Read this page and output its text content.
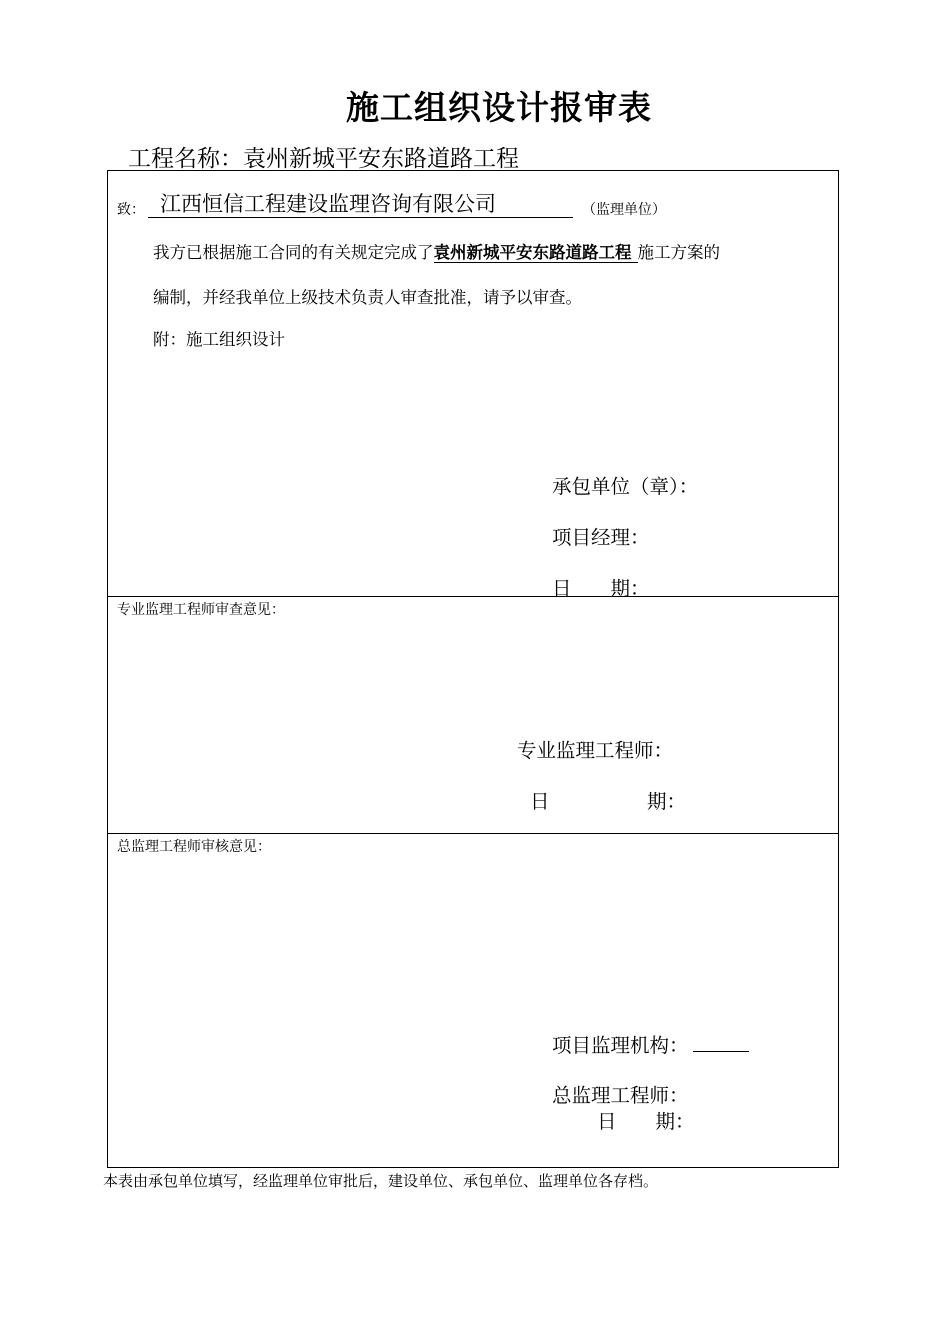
施工组织设计报审表
工程名称：袁州新城平安东路道路工程
致： 江西恒信工程建设监理咨询有限公司	（监理单位）
我方已根据施工合同的有关规定完成了袁州新城平安东路道路工程 施工方案的
编制，并经我单位上级技术负责人审查批准，请予以审查。
附：施工组织设计
承包单位（章）：
项目经理：
日　　期：
专业监理工程师审查意见：
专业监理工程师：
日　　　　　期：
总监理工程师审核意见：
项目监理机构：
总监理工程师：
日　　期：
本表由承包单位填写，经监理单位审批后，建设单位、承包单位、监理单位各存档。
